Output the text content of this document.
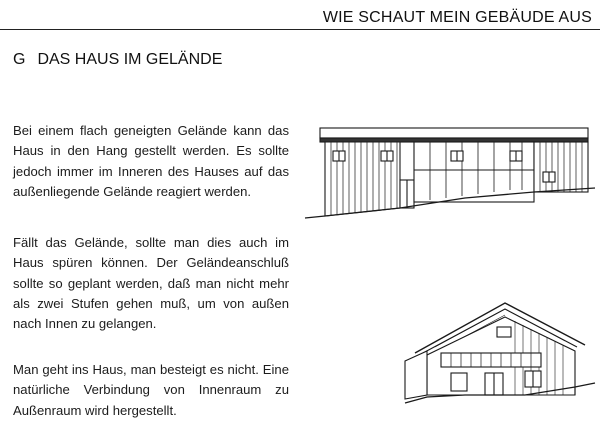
WIE SCHAUT MEIN GEBÄUDE AUS
G DAS HAUS IM GELÄNDE

Bei einem flach geneigten Gelände kann das Haus in den Hang gestellt werden. Es sollte jedoch immer im Inneren des Hauses auf das außenliegende Gelände reagiert werden.

Fällt das Gelände, sollte man dies auch im Haus spüren können. Der Geländeanschluß sollte so geplant werden, daß man nicht mehr als zwei Stufen gehen muß, um von außen nach Innen zu gelangen.

Man geht ins Haus, man besteigt es nicht. Eine natürliche Verbindung von Innenraum zu Außenraum wird hergestellt.
